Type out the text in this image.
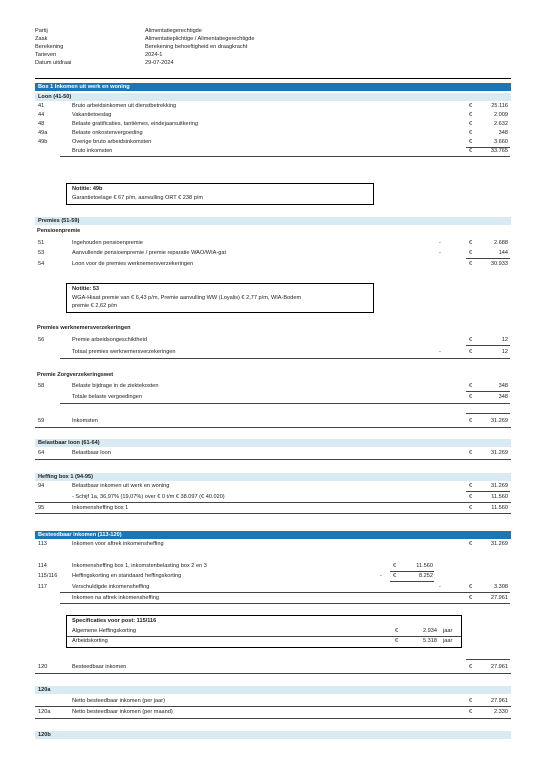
Partij	Alimentatiegerechtigde
Zaak	Alimentatieplichtige / Alimentatiegerechtigde
Berekening	Berekening behoeftigheid en draagkracht
Tarieven	2024-1
Datum uitdraai	29-07-2024
Box 1 Inkomen uit werk en woning
Loon (41-50)
41	Bruto arbeidsinkomen uit dienstbetrekking	€	25.116
44	Vakantietoeslag	€	2.009
48	Belaste gratificaties, tantièmes, eindejaarsuitkering	€	2.632
49a	Belaste onkostenvergoeding	€	348
49b	Overige bruto arbeidsinkomsten	€	3.660
Bruto inkomsten	€	33.765
Notitie: 49b
Garantietoelage € 67 p/m, aanvulling ORT € 238 p/m
Premies (51-59)
Pensioenpremie
51	Ingehouden pensioenpremie	-	€	2.688
53	Aanvullende pensioenpremie / premie reparatie WAO/WIA-gat	-	€	144
54	Loon voor de premies werknemersverzekeringen	€	30.933
Notitie: 53
WGA-Hiaat premie van € 6,43 p/m, Premie aanvulling WW (Loyalis) € 2,77 p/m, WIA-Bodem
premie € 2,62 p/m
Premies werknemersverzekeringen
56	Premie arbeidsongeschiktheid	€	12
Totaal premies werknemersverzekeringen	-	€	12
Premie Zorgverzekeringswet
58	Belaste bijdrage in de ziektekosten	€	348
Totale belaste vergoedingen	€	348
59	Inkomsten	€	31.269
Belastbaar loon (61-64)
64	Belastbaar loon	€	31.269
Heffing box 1 (94-95)
94	Belastbaar inkomen uit werk en woning	€	31.269
- Schijf 1a, 36,97% (19,07%) over € 0 t/m € 38.097 (€ 40.020)	€	11.560
95	Inkomensheffing box 1	€	11.560
Besteedbaar inkomen (113-120)
113	Inkomen voor aftrek inkomensheffing	€	31.269
114	Inkomensheffing box 1, inkomstenbelasting box 2 en 3	€	11.560
115/116	Heffingskorting en standaard heffingskorting	- €	8.252
117	Verschuldigde inkomensheffing	-	€	3.308
Inkomen na aftrek inkomensheffing	€	27.961
Specificaties voor post: 115/116
Algemene Heffingskorting	€	2.934 jaar
Arbeidskorting	€	5.318 jaar
120	Besteedbaar inkomen	€	27.961
120a
Netto besteedbaar inkomen (per jaar)	€	27.961
120a	Netto besteedbaar inkomen (per maand)	€	2.330
120b
